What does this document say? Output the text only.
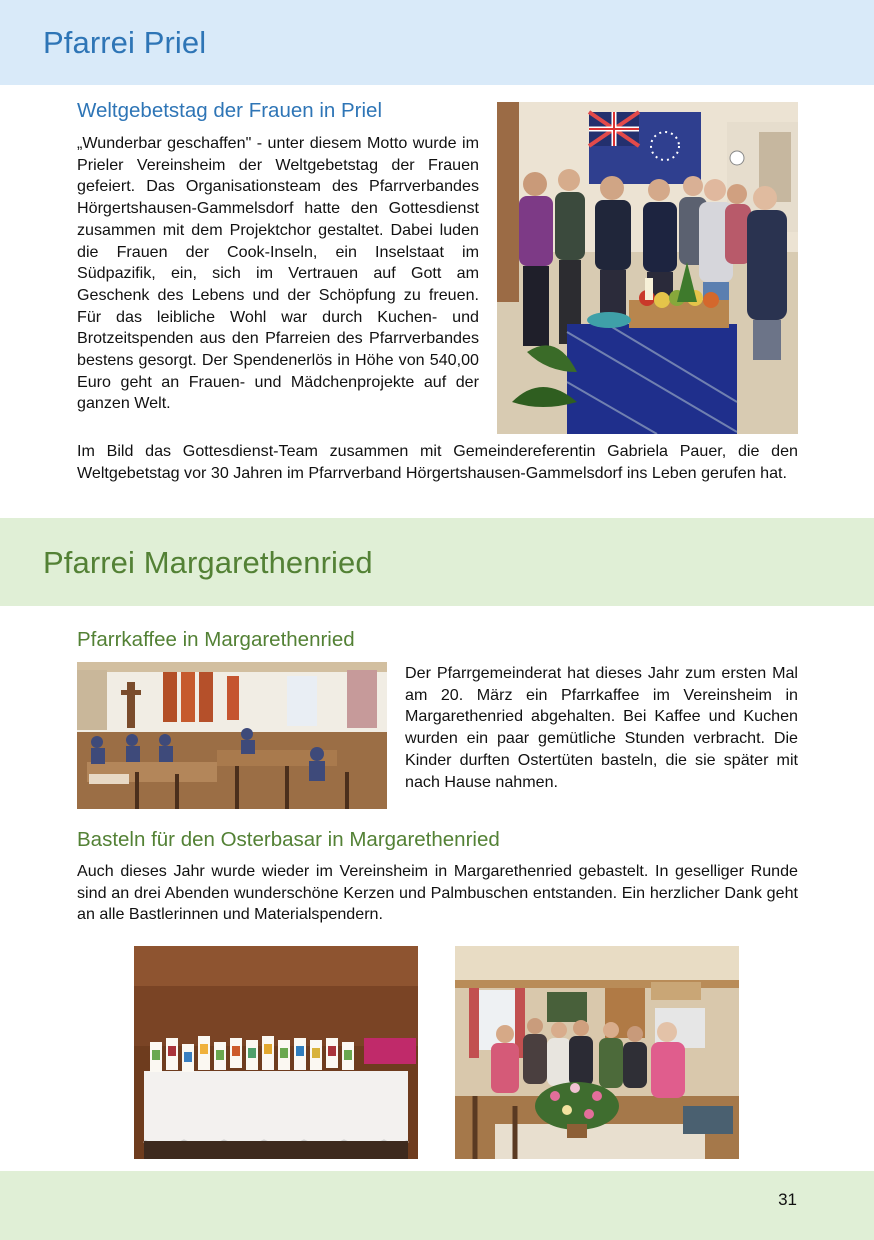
Pfarrei Priel
Weltgebetstag der Frauen in Priel

„Wunderbar geschaffen" - unter diesem Motto wurde im Prieler Vereinsheim der Weltgebetstag der Frauen gefeiert. Das Organisationsteam des Pfarrverbandes Hörgertshausen-Gammelsdorf hatte den Gottesdienst zusammen mit dem Projektchor gestaltet. Dabei luden die Frauen der Cook-Inseln, ein Inselstaat im Südpazifik, ein, sich im Vertrauen auf Gott am Geschenk des Lebens und der Schöpfung zu freuen. Für das leibliche Wohl war durch Kuchen- und Brotzeitspenden aus den Pfarreien des Pfarrverbandes bestens gesorgt. Der Spendenerlös in Höhe von 540,00 Euro geht an Frauen- und Mädchenprojekte auf der ganzen Welt.

Im Bild das Gottesdienst-Team zusammen mit Gemeindereferentin Gabriela Pauer, die den Weltgebetstag vor 30 Jahren im Pfarrverband Hörgertshausen-Gammelsdorf ins Leben gerufen hat.

Pfarrei Margarethenried
Pfarrkaffee in Margarethenried

Der Pfarrgemeinderat hat dieses Jahr zum ersten Mal am 20. März ein Pfarrkaffee im Vereinsheim in Margarethenried abgehalten. Bei Kaffee und Kuchen wurden ein paar gemütliche Stunden verbracht. Die Kinder durften Ostertüten basteln, die sie später mit nach Hause nahmen.

Basteln für den Osterbasar in Margarethenried

Auch dieses Jahr wurde wieder im Vereinsheim in Margarethenried gebastelt. In geselliger Runde sind an drei Abenden wunderschöne Kerzen und Palmbuschen entstanden. Ein herzlicher Dank geht an alle Bastlerinnen und Materialspendern.

31
